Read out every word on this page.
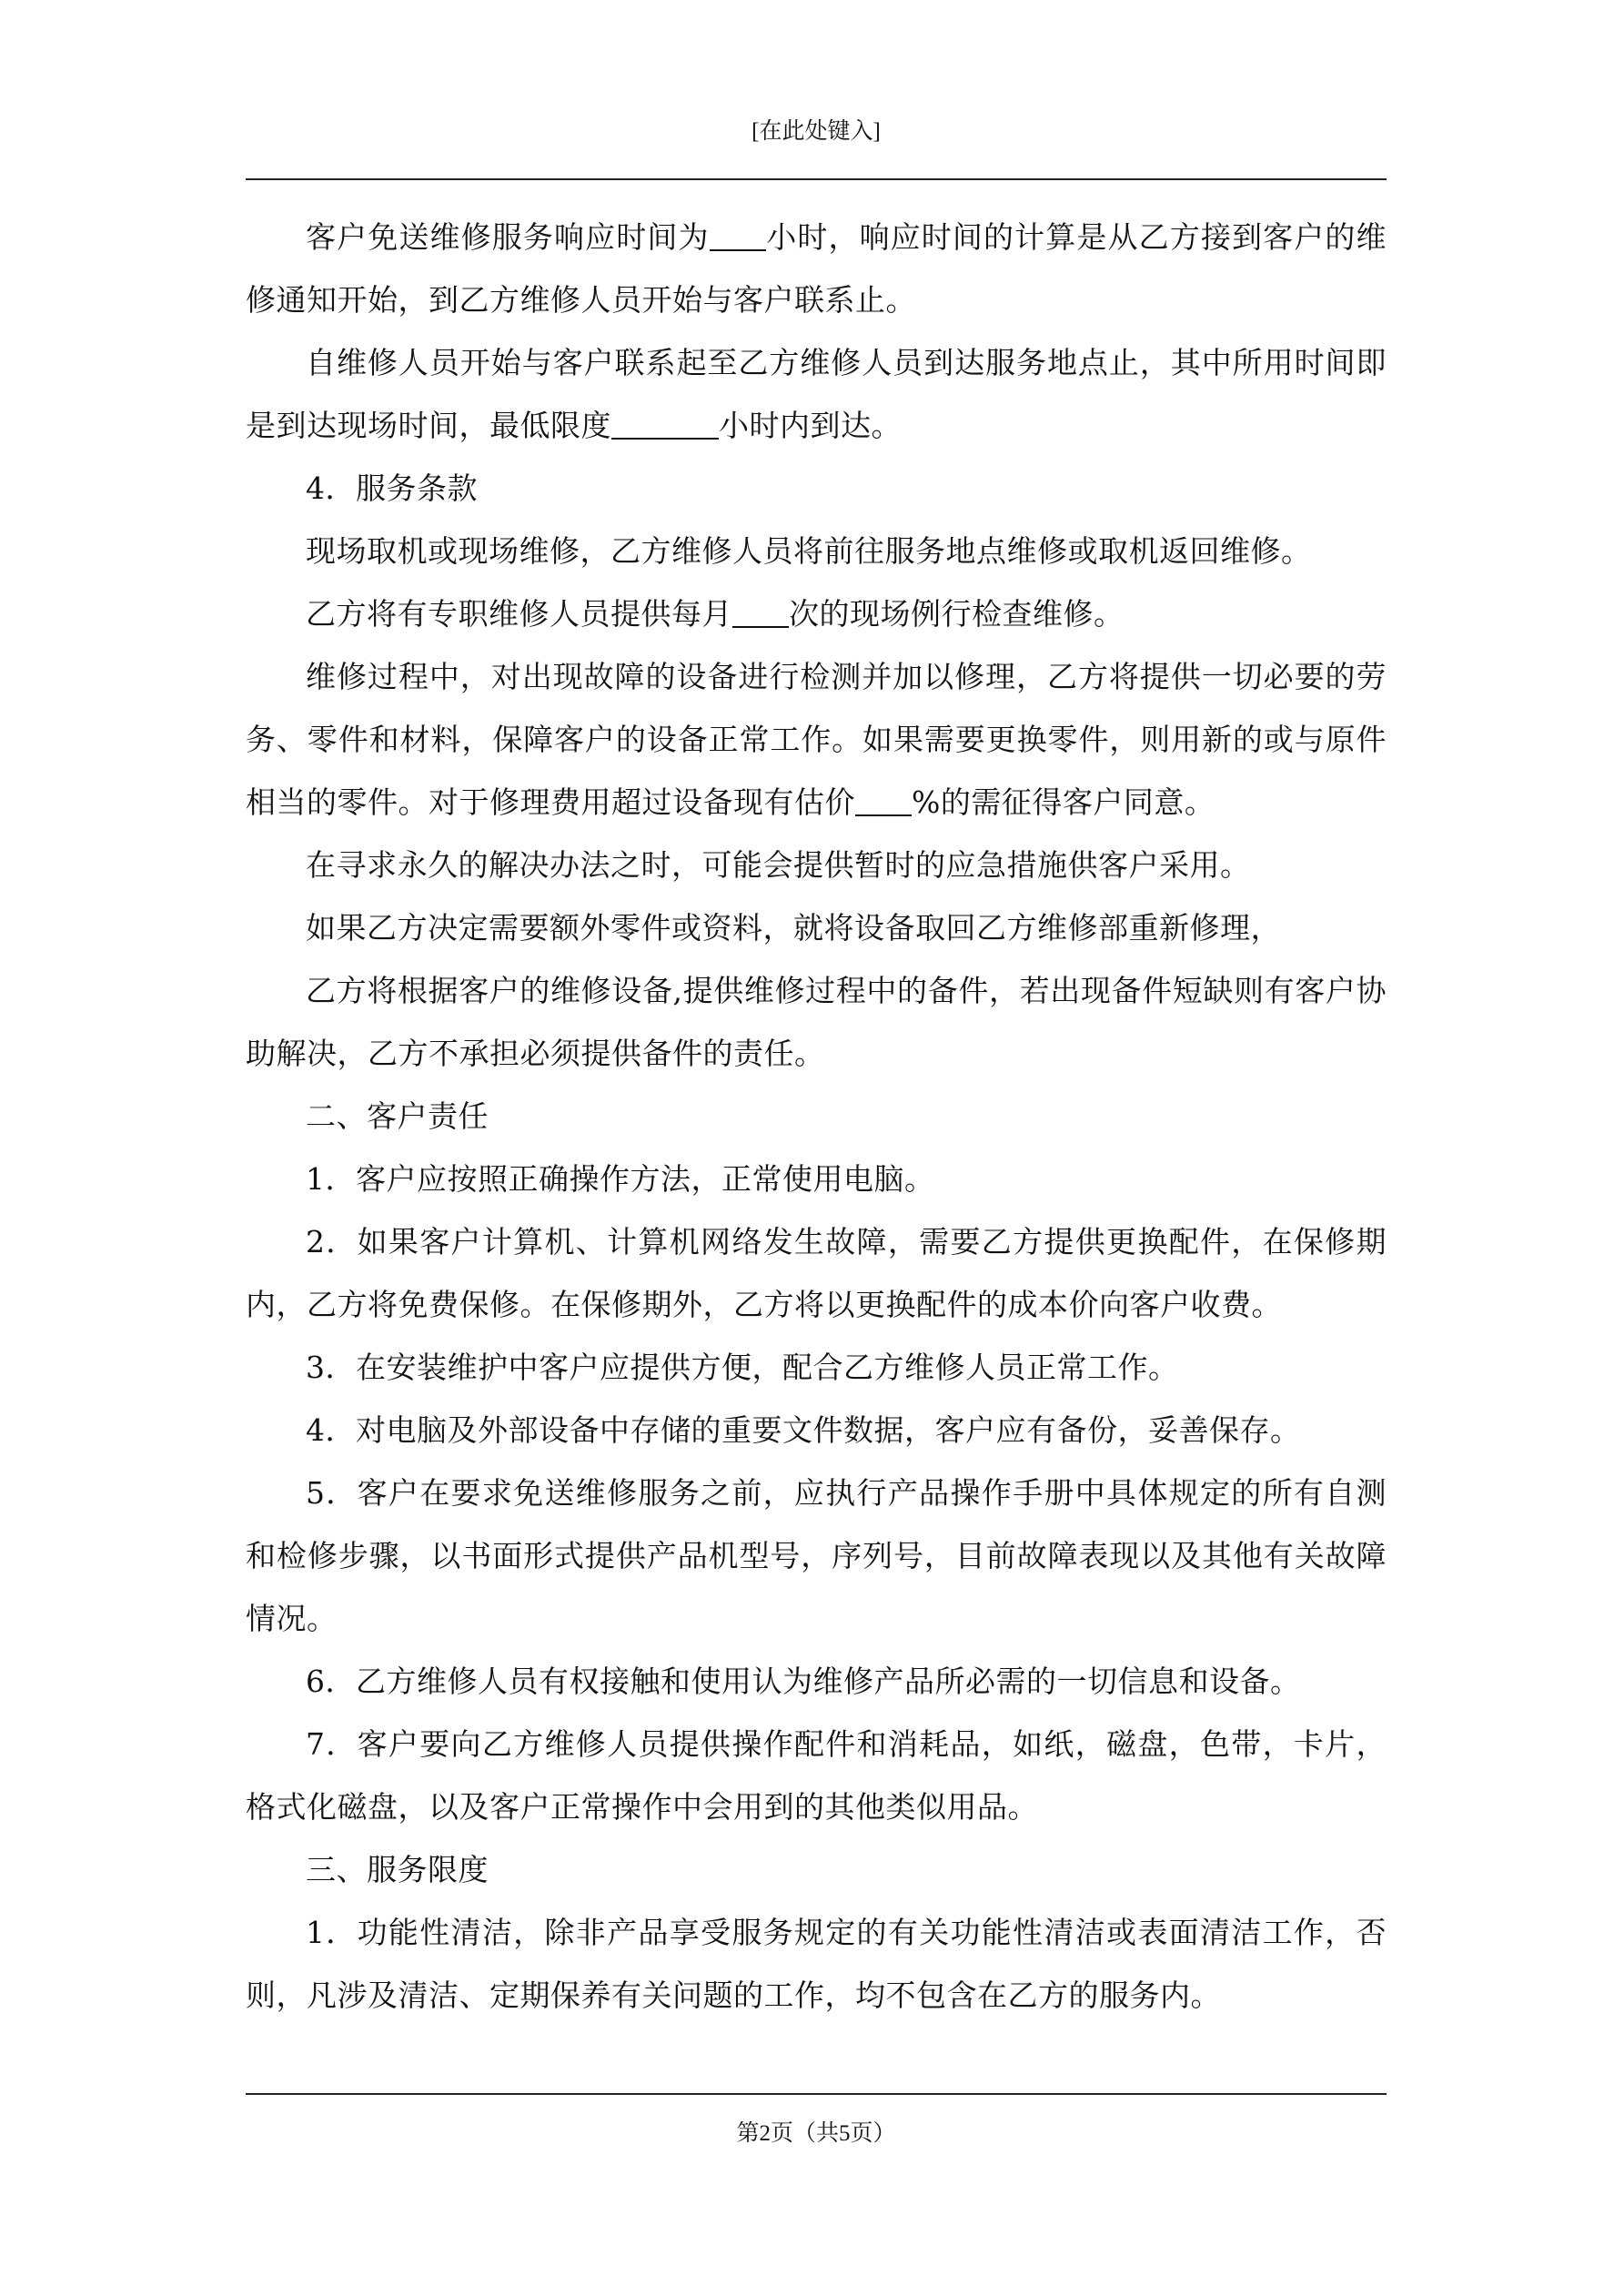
[在此处键入]

客户免送维修服务响应时间为 小时，响应时间的计算是从乙方接到客户的维修通知开始，到乙方维修人员开始与客户联系止。

自维修人员开始与客户联系起至乙方维修人员到达服务地点止，其中所用时间即是到达现场时间，最低限度	小时内到达。

4．服务条款

现场取机或现场维修，乙方维修人员将前往服务地点维修或取机返回维修。

乙方将有专职维修人员提供每月 次的现场例行检查维修。

维修过程中，对出现故障的设备进行检测并加以修理，乙方将提供一切必要的劳务、零件和材料，保障客户的设备正常工作。如果需要更换零件，则用新的或与原件相当的零件。对于修理费用超过设备现有估价 %的需征得客户同意。

在寻求永久的解决办法之时，可能会提供暂时的应急措施供客户采用。

如果乙方决定需要额外零件或资料，就将设备取回乙方维修部重新修理，

乙方将根据客户的维修设备,提供维修过程中的备件，若出现备件短缺则有客户协助解决，乙方不承担必须提供备件的责任。

二、客户责任

1．客户应按照正确操作方法，正常使用电脑。

2．如果客户计算机、计算机网络发生故障，需要乙方提供更换配件，在保修期内，乙方将免费保修。在保修期外，乙方将以更换配件的成本价向客户收费。

3．在安装维护中客户应提供方便，配合乙方维修人员正常工作。

4．对电脑及外部设备中存储的重要文件数据，客户应有备份，妥善保存。

5．客户在要求免送维修服务之前，应执行产品操作手册中具体规定的所有自测和检修步骤，以书面形式提供产品机型号，序列号，目前故障表现以及其他有关故障情况。

6．乙方维修人员有权接触和使用认为维修产品所必需的一切信息和设备。

7．客户要向乙方维修人员提供操作配件和消耗品，如纸，磁盘，色带，卡片，格式化磁盘，以及客户正常操作中会用到的其他类似用品。

三、服务限度

1．功能性清洁，除非产品享受服务规定的有关功能性清洁或表面清洁工作，否则，凡涉及清洁、定期保养有关问题的工作，均不包含在乙方的服务内。

第2页（共5页）
